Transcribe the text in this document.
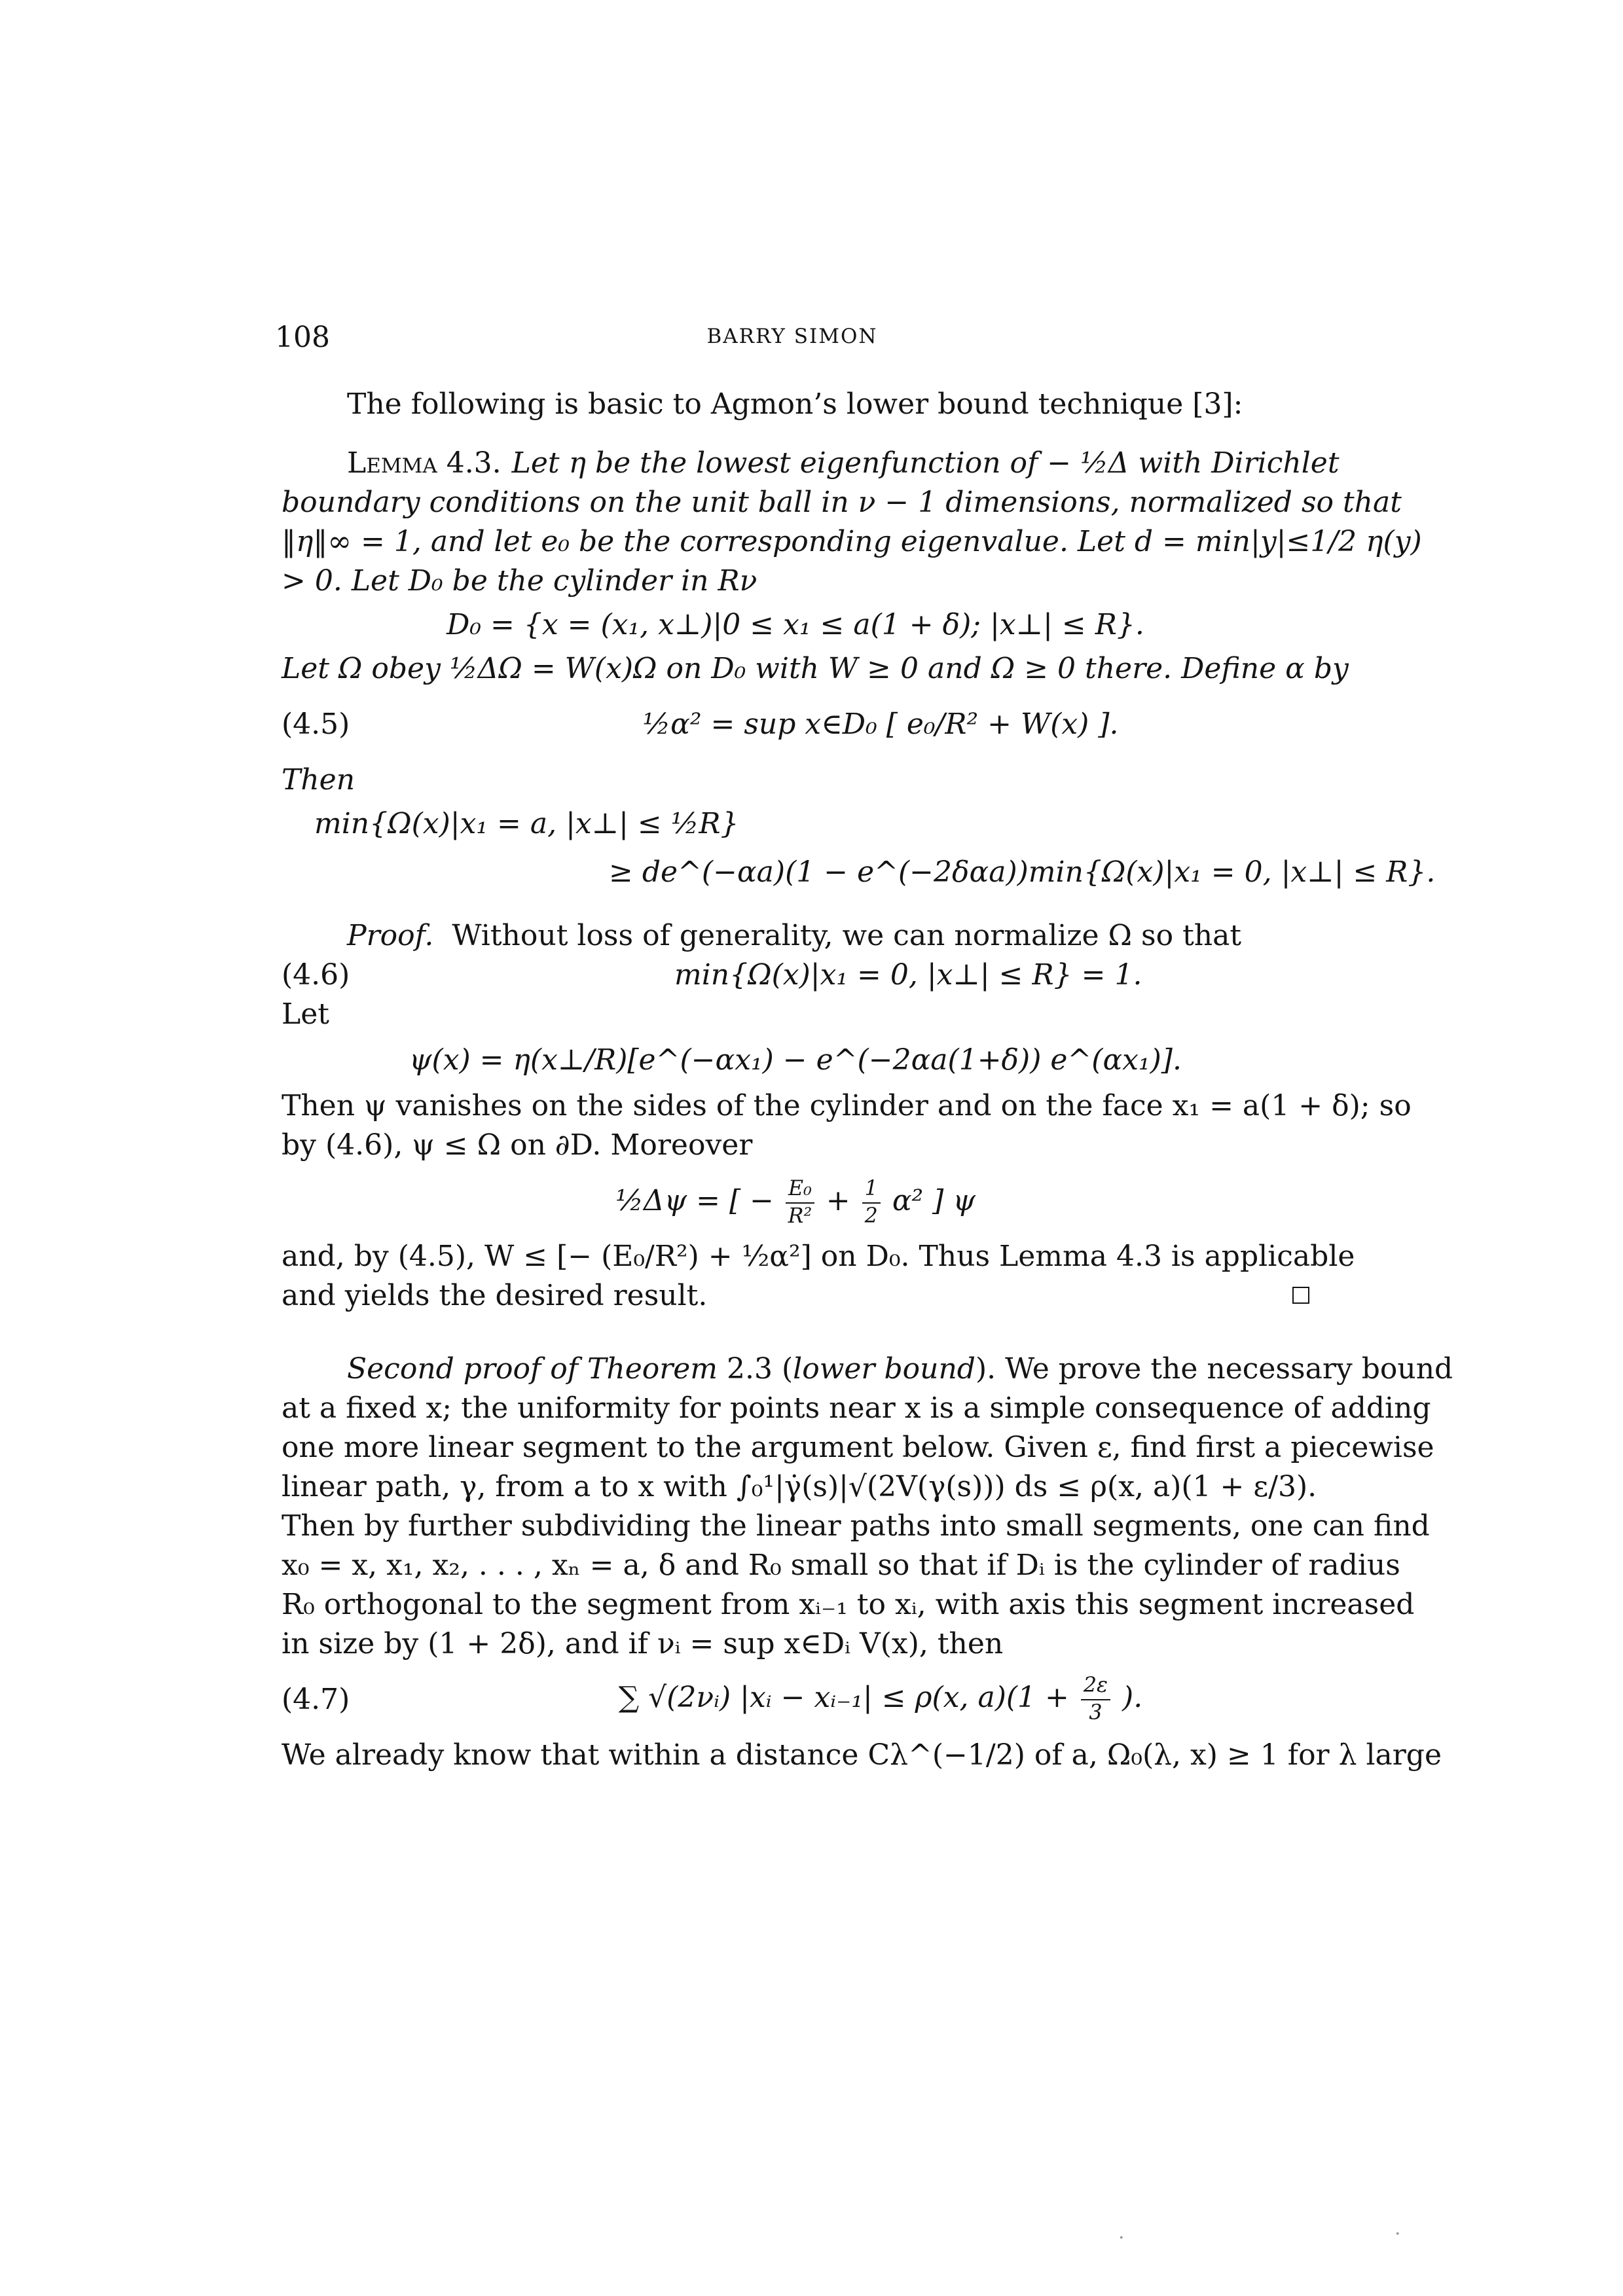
108	BARRY SIMON
The following is basic to Agmon’s lower bound technique [3]:
Lemma 4.3. Let η be the lowest eigenfunction of − ½Δ with Dirichlet
boundary conditions on the unit ball in ν − 1 dimensions, normalized so that
‖η‖∞ = 1, and let e₀ be the corresponding eigenvalue. Let d = min|y|≤1/2 η(y)
> 0. Let D₀ be the cylinder in Rν
D₀ = {x = (x₁, x⊥)|0 ≤ x₁ ≤ a(1 + δ); |x⊥| ≤ R}.
Let Ω obey ½ΔΩ = W(x)Ω on D₀ with W ≥ 0 and Ω ≥ 0 there. Define α by
(4.5)	½α² = sup x∈D₀ [ e₀/R² + W(x) ].
Then
min{Ω(x)|x₁ = a, |x⊥| ≤ ½R}
≥ de^(−αa)(1 − e^(−2δαa))min{Ω(x)|x₁ = 0, |x⊥| ≤ R}.
Proof. Without loss of generality, we can normalize Ω so that
(4.6)	min{Ω(x)|x₁ = 0, |x⊥| ≤ R} = 1.
Let
ψ(x) = η(x⊥/R)[e^(−αx₁) − e^(−2αa(1+δ)) e^(αx₁)].
Then ψ vanishes on the sides of the cylinder and on the face x₁ = a(1 + δ); so
by (4.6), ψ ≤ Ω on ∂D. Moreover
½Δψ = [ − $\frac{\text{E₀}}{\text{R²}} + \frac{1}{2} \alpha^2$ ] ψ
and, by (4.5), W ≤ [− (E₀/R²) + ½α²] on D₀. Thus Lemma 4.3 is applicable
and yields the desired result.
Second proof of Theorem 2.3 (lower bound). We prove the necessary bound
at a fixed x; the uniformity for points near x is a simple consequence of adding
one more linear segment to the argument below. Given ε, find first a piecewise
linear path, γ, from a to x with ∫₀¹|γ̇(s)|√(2V(γ(s))) ds ≤ ρ(x, a)(1 + ε/3).
Then by further subdividing the linear paths into small segments, one can find
x₀ = x, x₁, x₂, . . . , xₙ = a, δ and R₀ small so that if Dᵢ is the cylinder of radius
R₀ orthogonal to the segment from xᵢ₋₁ to xᵢ, with axis this segment increased
in size by (1 + 2δ), and if νᵢ = sup x∈Dᵢ V(x), then
(4.7)	∑ √(2νᵢ) |xᵢ − xᵢ₋₁| ≤ ρ(x, $a)(1 + \frac{2\varepsilon}{3}$ ).
We already know that within a distance Cλ^(−1/2) of a, Ω₀(λ, x) ≥ 1 for λ large
·	·
